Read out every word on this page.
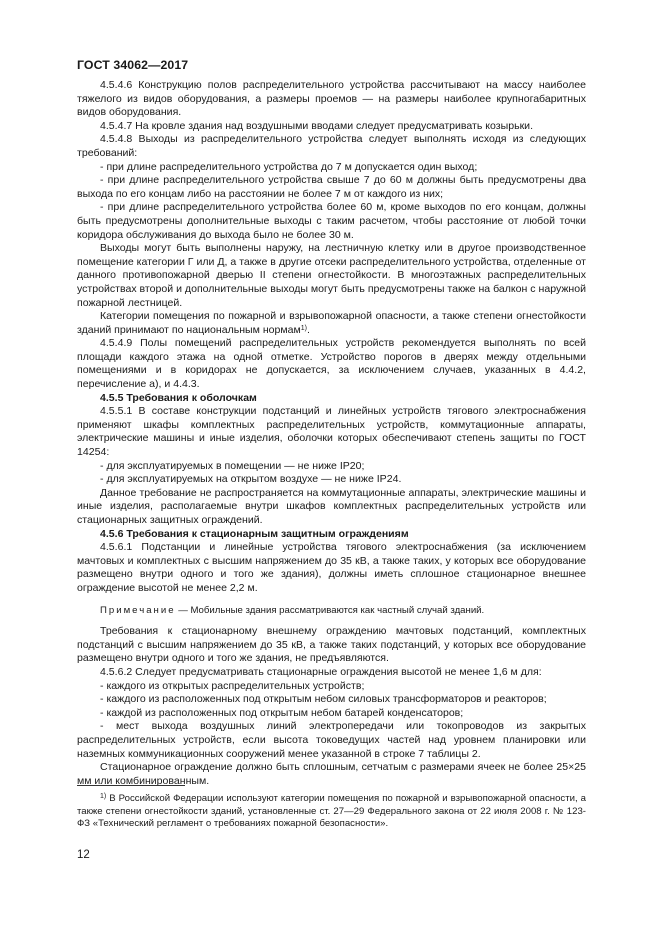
ГОСТ 34062—2017

4.5.4.6 Конструкцию полов распределительного устройства рассчитывают на массу наиболее тяжелого из видов оборудования, а размеры проемов — на размеры наиболее крупногабаритных видов оборудования.

4.5.4.7 На кровле здания над воздушными вводами следует предусматривать козырьки.

4.5.4.8 Выходы из распределительного устройства следует выполнять исходя из следующих требований:

- при длине распределительного устройства до 7 м допускается один выход;

- при длине распределительного устройства свыше 7 до 60 м должны быть предусмотрены два выхода по его концам либо на расстоянии не более 7 м от каждого из них;

- при длине распределительного устройства более 60 м, кроме выходов по его концам, должны быть предусмотрены дополнительные выходы с таким расчетом, чтобы расстояние от любой точки коридора обслуживания до выхода было не более 30 м.

Выходы могут быть выполнены наружу, на лестничную клетку или в другое производственное помещение категории Г или Д, а также в другие отсеки распределительного устройства, отделенные от данного противопожарной дверью II степени огнестойкости. В многоэтажных распределительных устройствах второй и дополнительные выходы могут быть предусмотрены также на балкон с наружной пожарной лестницей.

Категории помещения по пожарной и взрывопожарной опасности, а также степени огнестойкости зданий принимают по национальным нормам$^{1)}$.

4.5.4.9 Полы помещений распределительных устройств рекомендуется выполнять по всей площади каждого этажа на одной отметке. Устройство порогов в дверях между отдельными помещениями и в коридорах не допускается, за исключением случаев, указанных в 4.4.2, перечисление а), и 4.4.3.

4.5.5 Требования к оболочкам

4.5.5.1 В составе конструкции подстанций и линейных устройств тягового электроснабжения применяют шкафы комплектных распределительных устройств, коммутационные аппараты, электрические машины и иные изделия, оболочки которых обеспечивают степень защиты по ГОСТ 14254:

- для эксплуатируемых в помещении — не ниже IP20;

- для эксплуатируемых на открытом воздухе — не ниже IP24.

Данное требование не распространяется на коммутационные аппараты, электрические машины и иные изделия, располагаемые внутри шкафов комплектных распределительных устройств или стационарных защитных ограждений.

4.5.6 Требования к стационарным защитным ограждениям

4.5.6.1 Подстанции и линейные устройства тягового электроснабжения (за исключением мачтовых и комплектных с высшим напряжением до 35 кВ, а также таких, у которых все оборудование размещено внутри одного и того же здания), должны иметь сплошное стационарное внешнее ограждение высотой не менее 2,2 м.

Примечание — Мобильные здания рассматриваются как частный случай зданий.

Требования к стационарному внешнему ограждению мачтовых подстанций, комплектных подстанций с высшим напряжением до 35 кВ, а также таких подстанций, у которых все оборудование размещено внутри одного и того же здания, не предъявляются.

4.5.6.2 Следует предусматривать стационарные ограждения высотой не менее 1,6 м для:

- каждого из открытых распределительных устройств;

- каждого из расположенных под открытым небом силовых трансформаторов и реакторов;

- каждой из расположенных под открытым небом батарей конденсаторов;

- мест выхода воздушных линий электропередачи или токопроводов из закрытых распределительных устройств, если высота токоведущих частей над уровнем планировки или наземных коммуникационных сооружений менее указанной в строке 7 таблицы 2.

Стационарное ограждение должно быть сплошным, сетчатым с размерами ячеек не более 25×25 мм или комбинированным.

$^{1)}$ В Российской Федерации используют категории помещения по пожарной и взрывопожарной опасности, а также степени огнестойкости зданий, установленные ст. 27—29 Федерального закона от 22 июля 2008 г. № 123-ФЗ «Технический регламент о требованиях пожарной безопасности».

12
